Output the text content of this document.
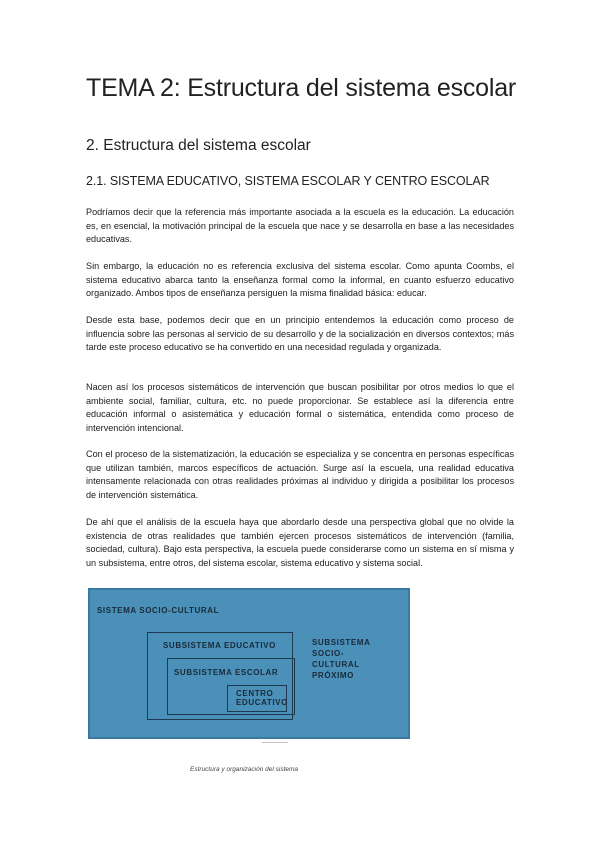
TEMA 2: Estructura del sistema escolar
2. Estructura del sistema escolar
2.1. SISTEMA EDUCATIVO, SISTEMA ESCOLAR Y CENTRO ESCOLAR

Podríamos decir que la referencia más importante asociada a la escuela es la educación. La educación es, en esencial, la motivación principal de la escuela que nace y se desarrolla en base a las necesidades educativas.

Sin embargo, la educación no es referencia exclusiva del sistema escolar. Como apunta Coombs, el sistema educativo abarca tanto la enseñanza formal como la informal, en cuanto esfuerzo educativo organizado. Ambos tipos de enseñanza persiguen la misma finalidad básica: educar.

Desde esta base, podemos decir que en un principio entendemos la educación como proceso de influencia sobre las personas al servicio de su desarrollo y de la socialización en diversos contextos; más tarde este proceso educativo se ha convertido en una necesidad regulada y organizada.

Nacen así los procesos sistemáticos de intervención que buscan posibilitar por otros medios lo que el ambiente social, familiar, cultura, etc. no puede proporcionar. Se establece así la diferencia entre educación informal o asistemática y educación formal o sistemática, entendida como proceso de intervención intencional.

Con el proceso de la sistematización, la educación se especializa y se concentra en personas específicas que utilizan también, marcos específicos de actuación. Surge así la escuela, una realidad educativa intensamente relacionada con otras realidades próximas al individuo y dirigida a posibilitar los procesos de intervención sistemática.

De ahí que el análisis de la escuela haya que abordarlo desde una perspectiva global que no olvide la existencia de otras realidades que también ejercen procesos sistemáticos de intervención (familia, sociedad, cultura). Bajo esta perspectiva, la escuela puede considerarse como un sistema en sí misma y un subsistema, entre otros, del sistema escolar, sistema educativo y sistema social.

SISTEMA SOCIO-CULTURAL
SUBSISTEMA EDUCATIVO
SUBSISTEMA ESCOLAR
CENTRO EDUCATIVO
SUBSISTEMA SOCIO- CULTURAL PRÓXIMO
Estructura y organización del sistema
